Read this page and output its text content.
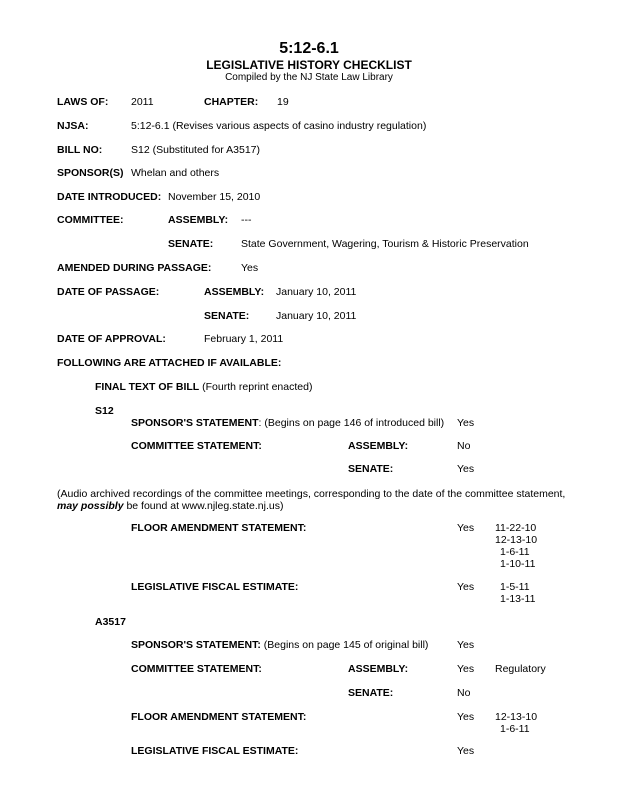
5:12-6.1
LEGISLATIVE HISTORY CHECKLIST
Compiled by the NJ State Law Library
LAWS OF: 2011	CHAPTER: 19
NJSA:	5:12-6.1 (Revises various aspects of casino industry regulation)
BILL NO:	S12 (Substituted for A3517)
SPONSOR(S) Whelan and others
DATE INTRODUCED: November 15, 2010
COMMITTEE:	ASSEMBLY: ---
SENATE:	State Government, Wagering, Tourism & Historic Preservation
AMENDED DURING PASSAGE:	Yes
DATE OF PASSAGE:	ASSEMBLY: January 10, 2011
SENATE:	January 10, 2011
DATE OF APPROVAL:	February 1, 2011
FOLLOWING ARE ATTACHED IF AVAILABLE:
FINAL TEXT OF BILL (Fourth reprint enacted)
S12
SPONSOR'S STATEMENT: (Begins on page 146 of introduced bill) Yes
COMMITTEE STATEMENT:	ASSEMBLY:	No
SENATE:	Yes
(Audio archived recordings of the committee meetings, corresponding to the date of the committee statement, may possibly be found at www.njleg.state.nj.us)
FLOOR AMENDMENT STATEMENT:	Yes 11-22-10
12-13-10
1-6-11
1-10-11
LEGISLATIVE FISCAL ESTIMATE:	Yes 1-5-11
1-13-11
A3517
SPONSOR'S STATEMENT: (Begins on page 145 of original bill)	Yes
COMMITTEE STATEMENT:	ASSEMBLY:	Yes Regulatory
SENATE:	No
FLOOR AMENDMENT STATEMENT:	Yes 12-13-10
1-6-11
LEGISLATIVE FISCAL ESTIMATE:	Yes
